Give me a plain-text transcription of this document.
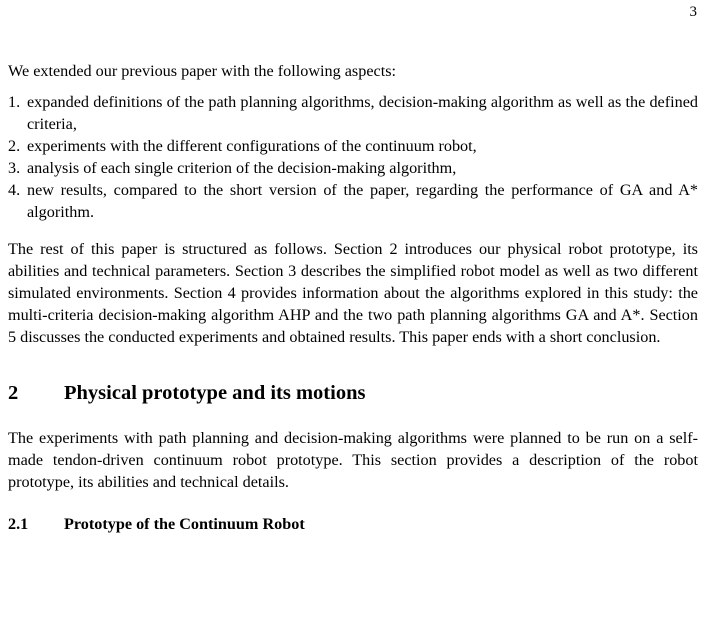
3

We extended our previous paper with the following aspects:

1. expanded definitions of the path planning algorithms, decision-making algorithm as well as the defined criteria,
2. experiments with the different configurations of the continuum robot,
3. analysis of each single criterion of the decision-making algorithm,
4. new results, compared to the short version of the paper, regarding the performance of GA and A* algorithm.

The rest of this paper is structured as follows. Section 2 introduces our physical robot prototype, its abilities and technical parameters. Section 3 describes the simplified robot model as well as two different simulated environments. Section 4 provides information about the algorithms explored in this study: the multi-criteria decision-making algorithm AHP and the two path planning algorithms GA and A*. Section 5 discusses the conducted experiments and obtained results. This paper ends with a short conclusion.

2	Physical prototype and its motions

The experiments with path planning and decision-making algorithms were planned to be run on a self-made tendon-driven continuum robot prototype. This section provides a description of the robot prototype, its abilities and technical details.

2.1	Prototype of the Continuum Robot
